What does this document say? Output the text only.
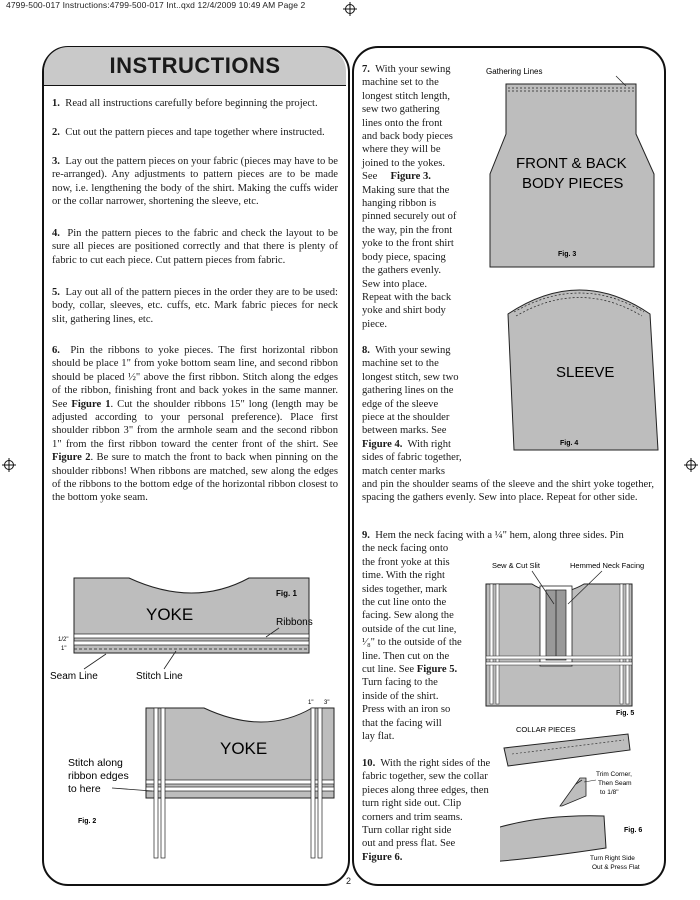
4799-500-017 Instructions:4799-500-017 Int..qxd 12/4/2009 10:49 AM Page 2
INSTRUCTIONS
1. Read all instructions carefully before beginning the project.
2. Cut out the pattern pieces and tape together where instructed.
3. Lay out the pattern pieces on your fabric (pieces may have to be re-arranged). Any adjustments to pattern pieces are to be made now, i.e. lengthening the body of the shirt. Making the cuffs wider or the collar narrower, shortening the sleeve, etc.
4. Pin the pattern pieces to the fabric and check the layout to be sure all pieces are positioned correctly and that there is plenty of fabric to cut each piece. Cut pattern pieces from fabric.
5. Lay out all of the pattern pieces in the order they are to be used: body, collar, sleeves, etc. cuffs, etc. Mark fabric pieces for neck slit, gathering lines, etc.
6. Pin the ribbons to yoke pieces. The first horizontal ribbon should be place 1" from yoke bottom seam line, and second ribbon should be placed ½" above the first ribbon. Stitch along the edges of the ribbon, finishing front and back yokes in the same manner. See Figure 1. Cut the shoulder ribbons 15" long (length may be adjusted according to your personal preference). Place first shoulder ribbon 3" from the armhole seam and the second ribbon 1" from the first ribbon toward the center front of the shirt. See Figure 2. Be sure to match the front to back when pinning on the shoulder ribbons! When ribbons are matched, sew along the edges of the ribbons to the bottom edge of the horizontal ribbon closest to the bottom yoke seam.
YOKE
Fig. 1
Ribbons
1/2"
1"
Seam Line	Stitch Line
YOKE
1" 3"
Stitch along
ribbon edges
to here
Fig. 2
7. With your sewing
machine set to the
longest stitch length,
sew two gathering
lines onto the front
and back body pieces
where they will be
joined to the yokes.
See Figure 3.
Making sure that the
hanging ribbon is
pinned securely out of
the way, pin the front
yoke to the front shirt
body piece, spacing
the gathers evenly.
Sew into place.
Repeat with the back
yoke and shirt body
piece.
Gathering Lines
FRONT & BACK
BODY PIECES
Fig. 3
8. With your sewing
machine set to the
longest stitch, sew two
gathering lines on the
edge of the sleeve
piece at the shoulder
between marks. See
Figure 4. With right
sides of fabric together,
match center marks
and pin the shoulder seams of the sleeve and the shirt yoke together, spacing the gathers evenly. Sew into place. Repeat for other side.
SLEEVE
Fig. 4
9. Hem the neck facing with a ¼" hem, along three sides. Pin
the neck facing onto
the front yoke at this
time. With the right
sides together, mark
the cut line onto the
facing. Sew along the
outside of the cut line,
¹⁄₈" to the outside of the
line. Then cut on the
cut line. See Figure 5.
Turn facing to the
inside of the shirt.
Press with an iron so
that the facing will
lay flat.
Sew & Cut Slit	Hemmed Neck Facing
Fig. 5
10. With the right sides of the
fabric together, sew the collar
pieces along three edges, then
turn right side out. Clip
corners and trim seams.
Turn collar right side
out and press flat. See
Figure 6.
COLLAR PIECES
Trim Corner,
Then Seam
to 1/8"
Fig. 6
Turn Right Side
Out & Press Flat
2
